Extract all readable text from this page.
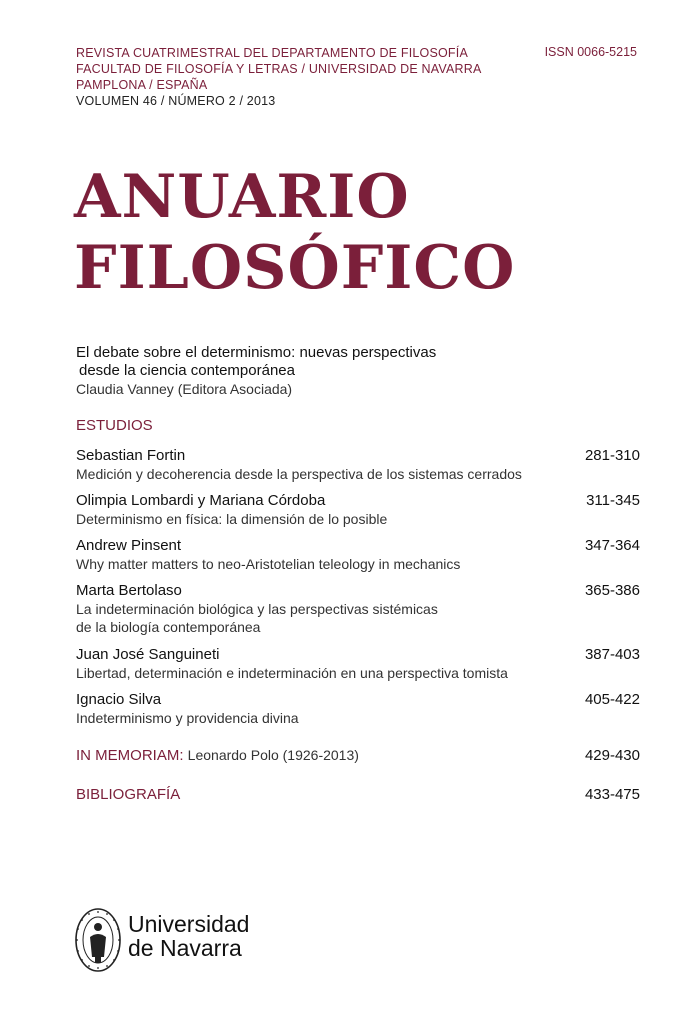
REVISTA CUATRIMESTRAL DEL DEPARTAMENTO DE FILOSOFÍA
FACULTAD DE FILOSOFÍA Y LETRAS / UNIVERSIDAD DE NAVARRA
PAMPLONA / ESPAÑA
VOLUMEN 46 / NÚMERO 2 / 2013
ISSN 0066-5215
ANUARIO
FILOSÓFICO
El debate sobre el determinismo: nuevas perspectivas
desde la ciencia contemporánea
Claudia Vanney (Editora Asociada)
ESTUDIOS
Sebastian Fortin
Medición y decoherencia desde la perspectiva de los sistemas cerrados
281-310
Olimpia Lombardi y Mariana Córdoba
Determinismo en física: la dimensión de lo posible
311-345
Andrew Pinsent
Why matter matters to neo-Aristotelian teleology in mechanics
347-364
Marta Bertolaso
La indeterminación biológica y las perspectivas sistémicas
de la biología contemporánea
365-386
Juan José Sanguineti
Libertad, determinación e indeterminación en una perspectiva tomista
387-403
Ignacio Silva
Indeterminismo y providencia divina
405-422
IN MEMORIAM: Leonardo Polo (1926-2013)	429-430
BIBLIOGRAFÍA	433-475
Universidad
de Navarra
